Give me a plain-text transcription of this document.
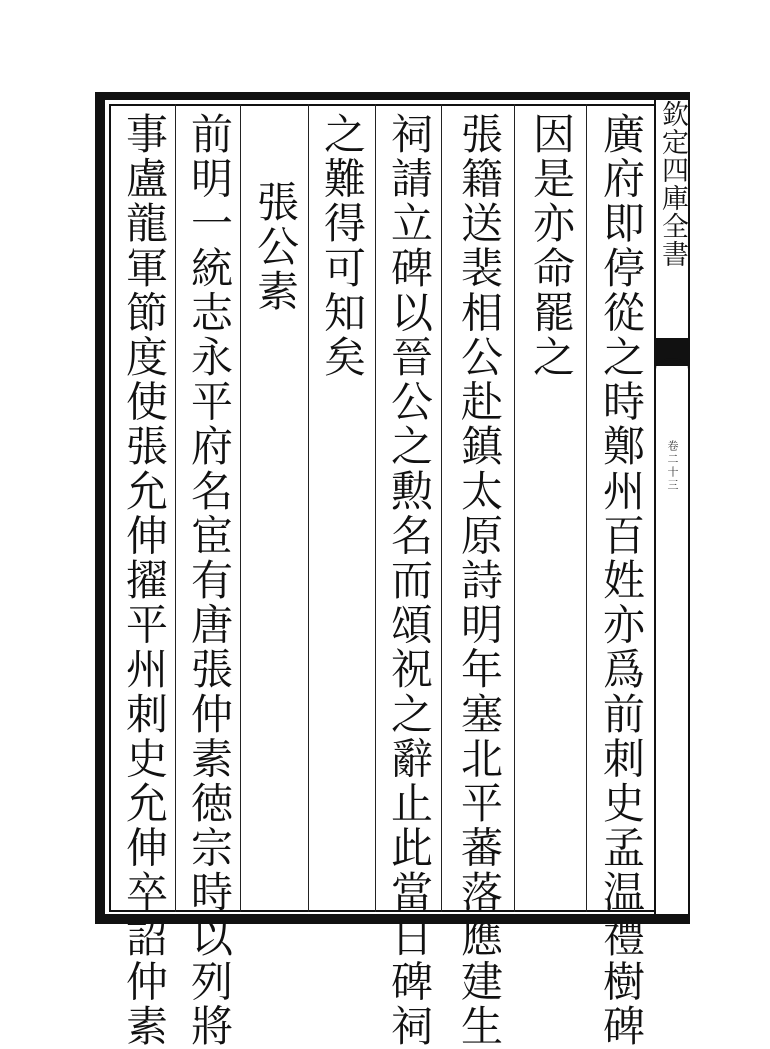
欽定四庫全書
卷二十三
廣府即停從之時鄭州百姓亦爲前刺史孟温禮樹碑
因是亦命罷之
張籍送裴相公赴鎮太原詩明年塞北平蕃落應建生
祠請立碑以晉公之勲名而頌祝之辭止此當日碑祠
之難得可知矣
張公素
前明一統志永平府名宦有唐張仲素徳宗時以列將
事盧龍軍節度使張允伸擢平州刺史允伸卒詔仲素
